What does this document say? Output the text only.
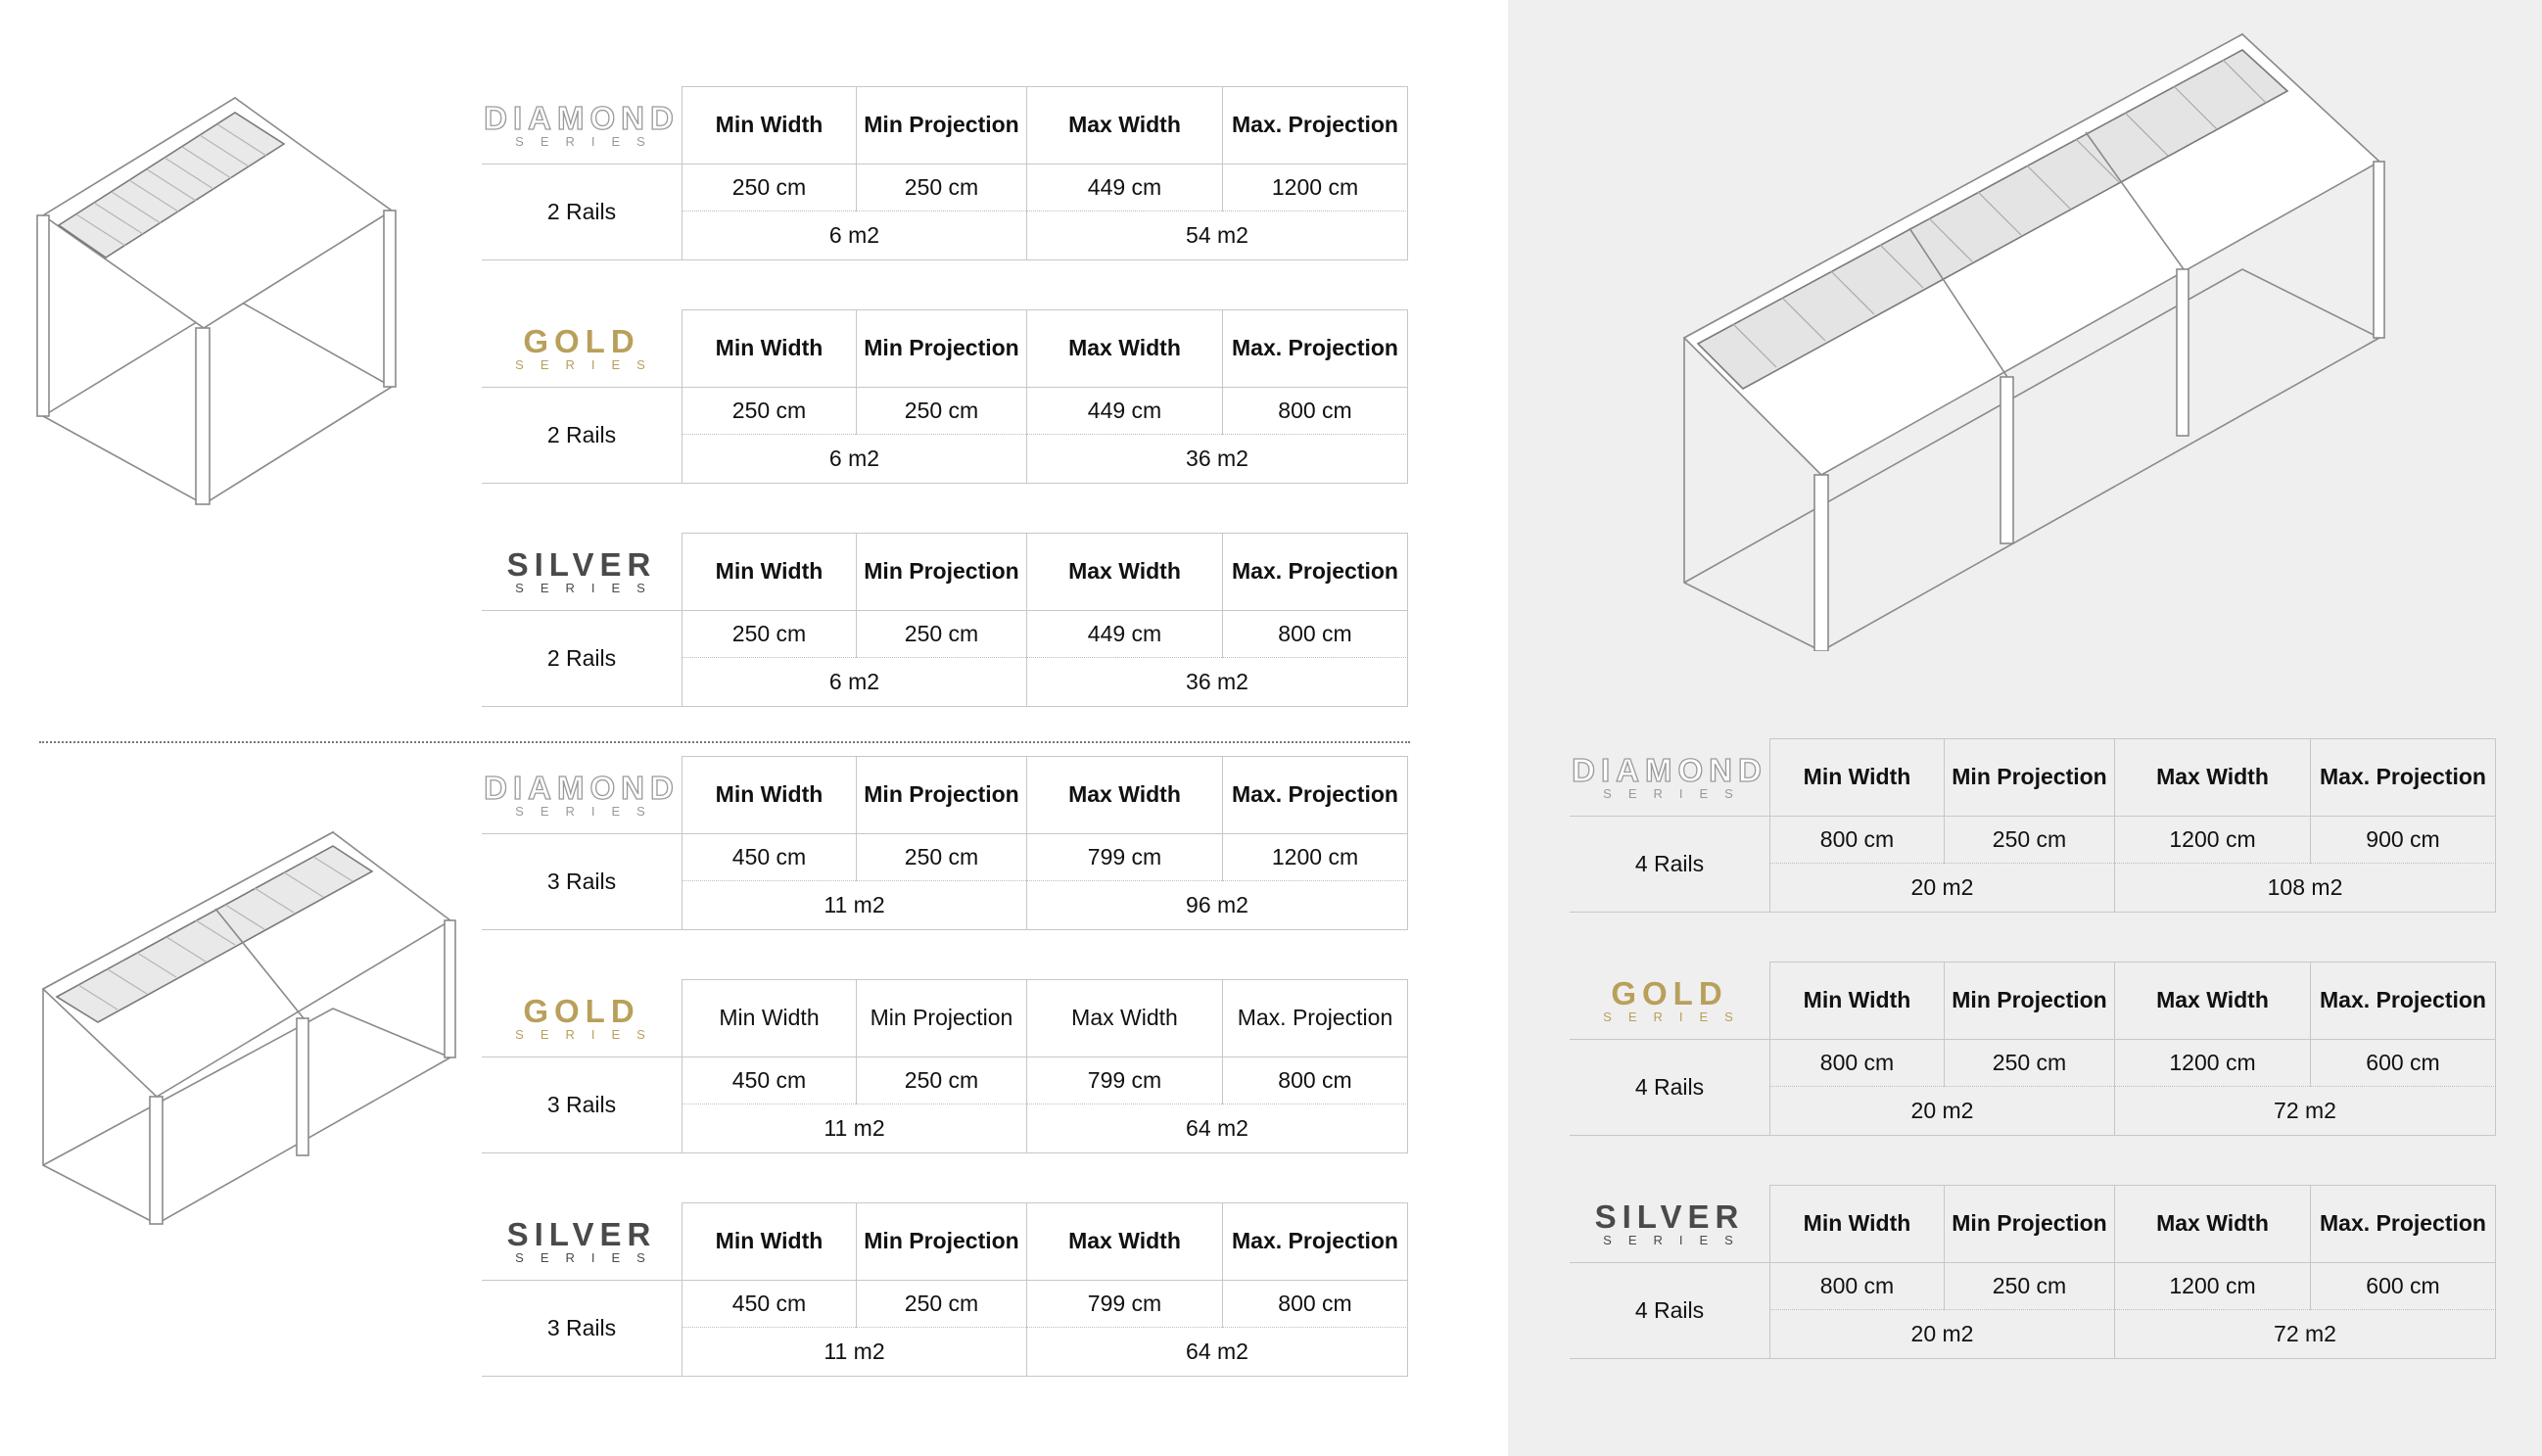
DIAMOND
SERIES
Min Width	Min Projection	Max Width	Max. Projection
2 Rails
250 cm	250 cm	449 cm	1200 cm
6 m2	54 m2
GOLD
SERIES
Min Width	Min Projection	Max Width	Max. Projection
2 Rails
250 cm	250 cm	449 cm	800 cm
6 m2	36 m2
SILVER
SERIES
Min Width	Min Projection	Max Width	Max. Projection
2 Rails
250 cm	250 cm	449 cm	800 cm
6 m2	36 m2
DIAMOND
SERIES
Min Width	Min Projection	Max Width	Max. Projection
3 Rails
450 cm	250 cm	799 cm	1200 cm
11 m2	96 m2
GOLD
SERIES
Min Width	Min Projection	Max Width	Max. Projection
3 Rails
450 cm	250 cm	799 cm	800 cm
11 m2	64 m2
SILVER
SERIES
Min Width	Min Projection	Max Width	Max. Projection
3 Rails
450 cm	250 cm	799 cm	800 cm
11 m2	64 m2
DIAMOND
SERIES
Min Width	Min Projection	Max Width	Max. Projection
4 Rails
800 cm	250 cm	1200 cm	900 cm
20 m2	108 m2
GOLD
SERIES
Min Width	Min Projection	Max Width	Max. Projection
4 Rails
800 cm	250 cm	1200 cm	600 cm
20 m2	72 m2
SILVER
SERIES
Min Width	Min Projection	Max Width	Max. Projection
4 Rails
800 cm	250 cm	1200 cm	600 cm
20 m2	72 m2
